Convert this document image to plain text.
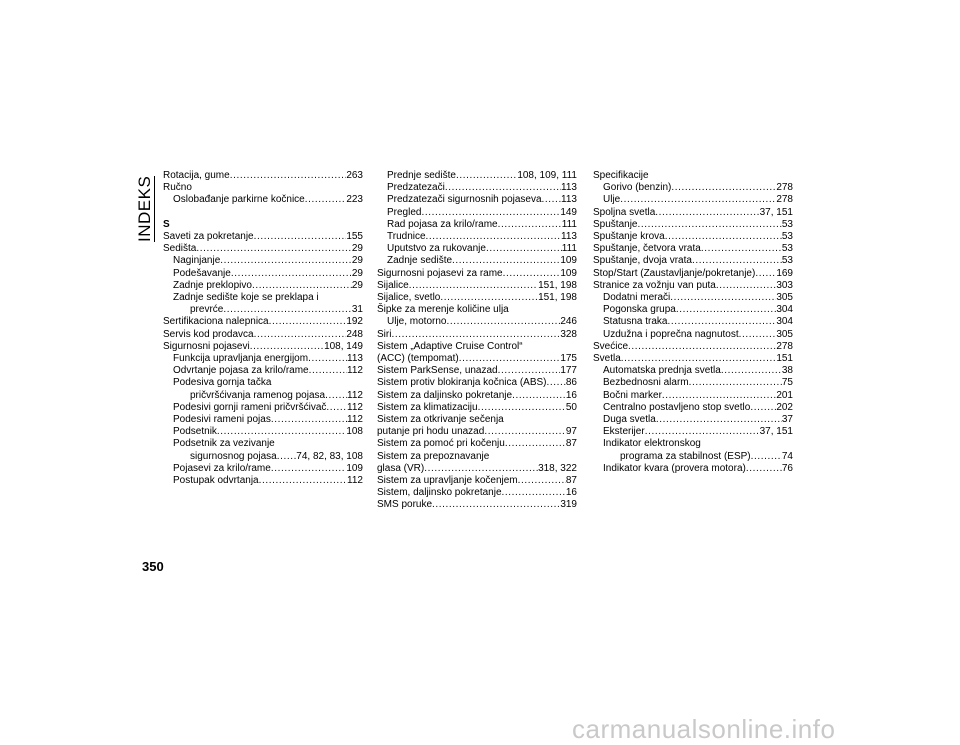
INDEKS
Rotacija, gume .....	263
Ručno
Oslobađanje parkirne kočnice .....	223
S
Saveti za pokretanje .....	155
Sedišta .....	29
Naginjanje .....	29
Podešavanje .....	29
Zadnje preklopivo .....	29
Zadnje sedište koje se preklapa i
prevrće .....	31
Sertifikaciona nalepnica .....	192
Servis kod prodavca .....	248
Sigurnosni pojasevi .....	108, 149
Funkcija upravljanja energijom .....	113
Odvrtanje pojasa za krilo/rame .....	112
Podesiva gornja tačka
pričvršćivanja ramenog pojasa ..... 112
Podesivi gornji rameni pričvršćivač ..... 112
Podesivi rameni pojas .....	112
Podsetnik .....	108
Podsetnik za vezivanje
sigurnosnog pojasa ..... 74, 82, 83, 108
Pojasevi za krilo/rame .....	109
Postupak odvrtanja .....	112
Prednje sedište .....	108, 109, 111
Predzatezači .....	113
Predzatezači sigurnosnih pojaseva ..... 113
Pregled .....	149
Rad pojasa za krilo/rame .....	111
Trudnice .....	113
Uputstvo za rukovanje .....	111
Zadnje sedište .....	109
Sigurnosni pojasevi za rame .....	109
Sijalice .....	151, 198
Sijalice, svetlo .....	151, 198
Šipke za merenje količine ulja
Ulje, motorno .....	246
Siri .....	328
Sistem „Adaptive Cruise Control“
(ACC) (tempomat) .....	175
Sistem ParkSense, unazad .....	177
Sistem protiv blokiranja kočnica (ABS) ..... 86
Sistem za daljinsko pokretanje .....	16
Sistem za klimatizaciju .....	50
Sistem za otkrivanje sečenja
putanje pri hodu unazad .....	97
Sistem za pomoć pri kočenju .....	87
Sistem za prepoznavanje
glasa (VR) .....	318, 322
Sistem za upravljanje kočenjem .....	87
Sistem, daljinsko pokretanje .....	16
SMS poruke .....	319
Specifikacije
Gorivo (benzin) .....	278
Ulje .....	278
Spoljna svetla .....	37, 151
Spuštanje .....	53
Spuštanje krova .....	53
Spuštanje, četvora vrata .....	53
Spuštanje, dvoja vrata .....	53
Stop/Start (Zaustavljanje/pokretanje) ..... 169
Stranice za vožnju van puta .....	303
Dodatni merači .....	305
Pogonska grupa .....	304
Statusna traka .....	304
Uzdužna i poprečna nagnutost .....	305
Svećice .....	278
Svetla .....	151
Automatska prednja svetla .....	38
Bezbednosni alarm .....	75
Bočni marker .....	201
Centralno postavljeno stop svetlo .....	202
Duga svetla .....	37
Eksterijer .....	37, 151
Indikator elektronskog
programa za stabilnost (ESP) .....	74
Indikator kvara (provera motora) .....	76
350
carmanualsonline.info
